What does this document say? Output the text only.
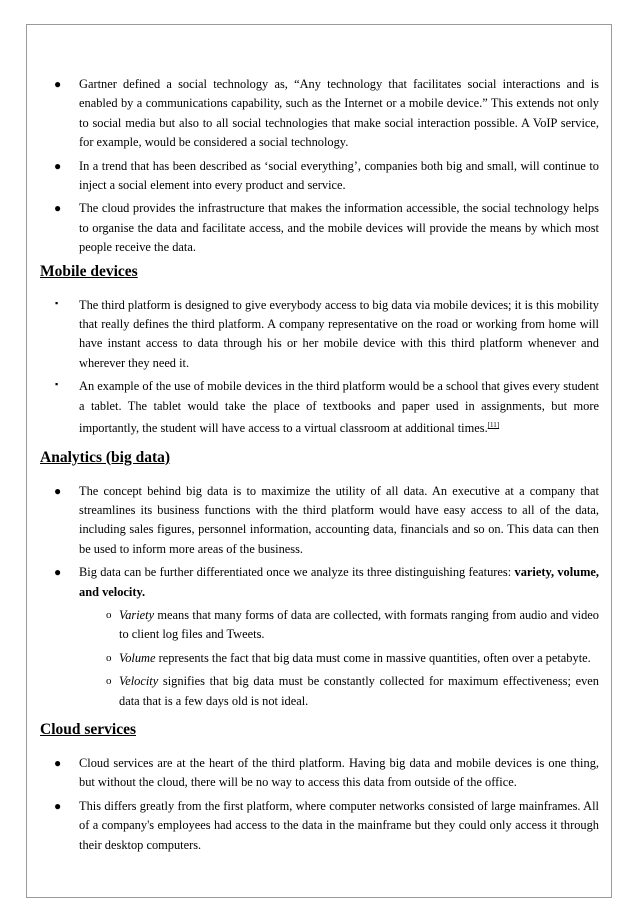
● Gartner defined a social technology as, “Any technology that facilitates social interactions and is enabled by a communications capability, such as the Internet or a mobile device.” This extends not only to social media but also to all social technologies that make social interaction possible. A VoIP service, for example, would be considered a social technology.
● In a trend that has been described as ‘social everything’, companies both big and small, will continue to inject a social element into every product and service.
● The cloud provides the infrastructure that makes the information accessible, the social technology helps to organise the data and facilitate access, and the mobile devices will provide the means by which most people receive the data.
Mobile devices
▪ The third platform is designed to give everybody access to big data via mobile devices; it is this mobility that really defines the third platform. A company representative on the road or working from home will have instant access to data through his or her mobile device with this third platform whenever and wherever they need it.
▪ An example of the use of mobile devices in the third platform would be a school that gives every student a tablet. The tablet would take the place of textbooks and paper used in assignments, but more importantly, the student will have access to a virtual classroom at additional times.[11]
Analytics (big data)
● The concept behind big data is to maximize the utility of all data. An executive at a company that streamlines its business functions with the third platform would have easy access to all of the data, including sales figures, personnel information, accounting data, financials and so on. This data can then be used to inform more areas of the business.
● Big data can be further differentiated once we analyze its three distinguishing features: variety, volume, and velocity.
o Variety means that many forms of data are collected, with formats ranging from audio and video to client log files and Tweets.
o Volume represents the fact that big data must come in massive quantities, often over a petabyte.
o Velocity signifies that big data must be constantly collected for maximum effectiveness; even data that is a few days old is not ideal.
Cloud services
● Cloud services are at the heart of the third platform. Having big data and mobile devices is one thing, but without the cloud, there will be no way to access this data from outside of the office.
● This differs greatly from the first platform, where computer networks consisted of large mainframes. All of a company's employees had access to the data in the mainframe but they could only access it through their desktop computers.
